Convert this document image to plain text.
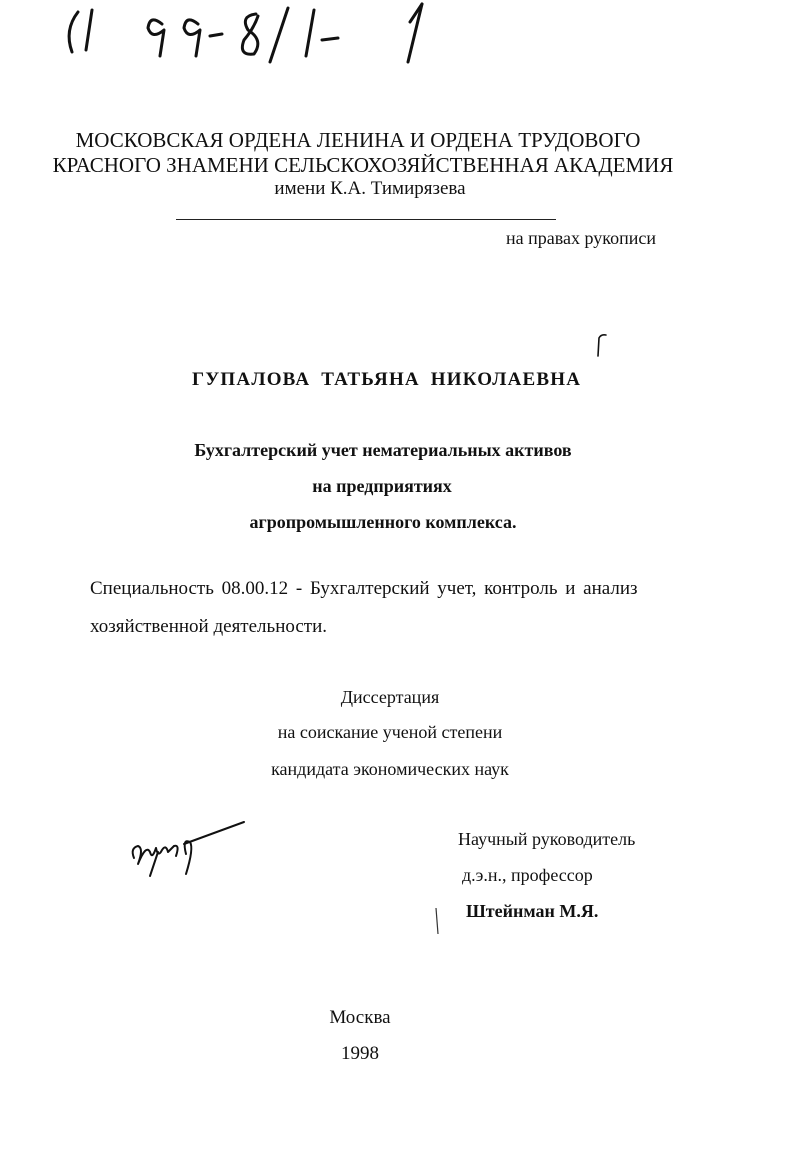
(1 99-8/1- 1
МОСКОВСКАЯ ОРДЕНА ЛЕНИНА И ОРДЕНА ТРУДОВОГО
КРАСНОГО ЗНАМЕНИ СЕЛЬСКОХОЗЯЙСТВЕННАЯ АКАДЕМИЯ
имени К.А. Тимирязева
на правах рукописи
ГУПАЛОВА ТАТЬЯНА НИКОЛАЕВНА
Бухгалтерский учет нематериальных активов
на предприятиях
агропромышленного комплекса.
Специальность 08.00.12 - Бухгалтерский учет, контроль и анализ
хозяйственной деятельности.
Диссертация
на соискание ученой степени
кандидата экономических наук
Научный руководитель
д.э.н., профессор
Штейнман М.Я.
Москва
1998
